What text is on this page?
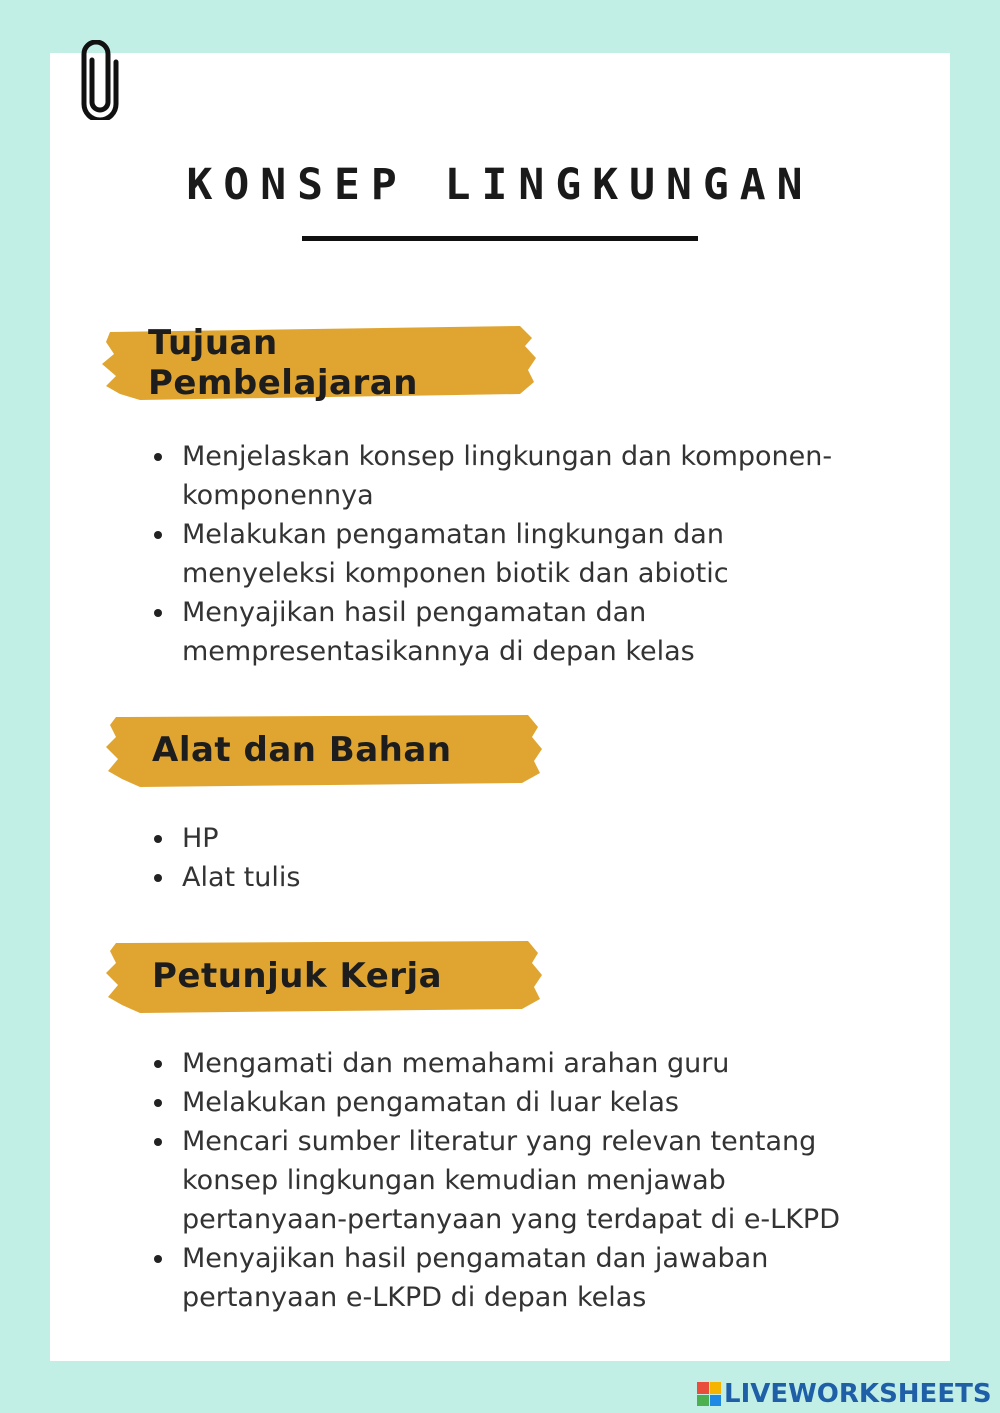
KONSEP LINGKUNGAN
Tujuan Pembelajaran
Menjelaskan konsep lingkungan dan komponen-komponennya
Melakukan pengamatan lingkungan dan menyeleksi komponen biotik dan abiotic
Menyajikan hasil pengamatan dan mempresentasikannya di depan kelas
Alat dan Bahan
HP
Alat tulis
Petunjuk Kerja
Mengamati dan memahami arahan guru
Melakukan pengamatan di luar kelas
Mencari sumber literatur yang relevan tentang konsep lingkungan kemudian menjawab pertanyaan-pertanyaan yang terdapat di e-LKPD
Menyajikan hasil pengamatan dan jawaban pertanyaan e-LKPD di depan kelas
LIVEWORKSHEETS
